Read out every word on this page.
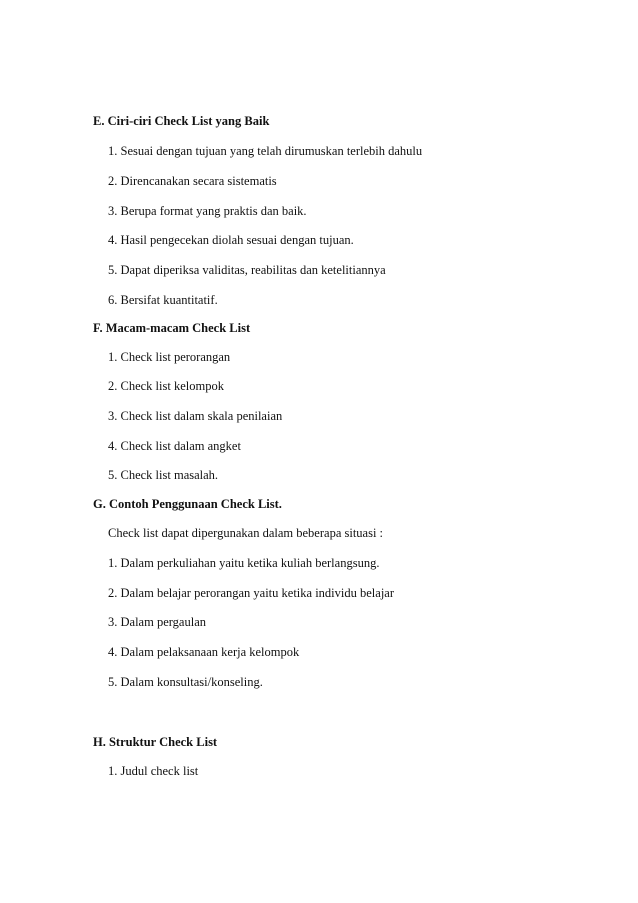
E. Ciri-ciri Check List yang Baik
1. Sesuai dengan tujuan yang telah dirumuskan terlebih dahulu
2. Direncanakan secara sistematis
3. Berupa format yang praktis dan baik.
4. Hasil pengecekan diolah sesuai dengan tujuan.
5. Dapat diperiksa validitas, reabilitas dan ketelitiannya
6. Bersifat kuantitatif.
F. Macam-macam Check List
1. Check list perorangan
2. Check list kelompok
3. Check list dalam skala penilaian
4. Check list dalam angket
5. Check list masalah.
G. Contoh Penggunaan Check List.
Check list dapat dipergunakan dalam beberapa situasi :
1. Dalam perkuliahan yaitu ketika kuliah berlangsung.
2. Dalam belajar perorangan yaitu ketika individu belajar
3. Dalam pergaulan
4. Dalam pelaksanaan kerja kelompok
5. Dalam konsultasi/konseling.
H. Struktur Check List
1. Judul check list
